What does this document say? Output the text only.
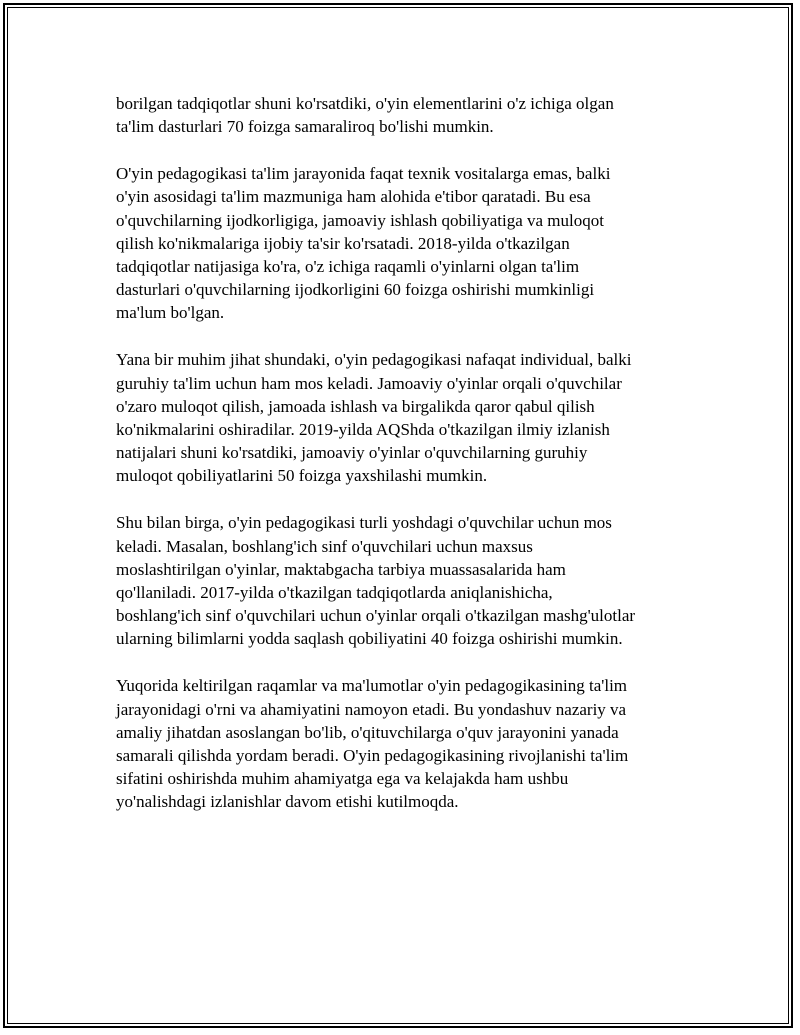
borilgan tadqiqotlar shuni ko'rsatdiki, o'yin elementlarini o'z ichiga olgan
ta'lim dasturlari 70 foizga samaraliroq bo'lishi mumkin.

O'yin pedagogikasi ta'lim jarayonida faqat texnik vositalarga emas, balki
o'yin asosidagi ta'lim mazmuniga ham alohida e'tibor qaratadi. Bu esa
o'quvchilarning ijodkorligiga, jamoaviy ishlash qobiliyatiga va muloqot
qilish ko'nikmalariga ijobiy ta'sir ko'rsatadi. 2018-yilda o'tkazilgan
tadqiqotlar natijasiga ko'ra, o'z ichiga raqamli o'yinlarni olgan ta'lim
dasturlari o'quvchilarning ijodkorligini 60 foizga oshirishi mumkinligi
ma'lum bo'lgan.

Yana bir muhim jihat shundaki, o'yin pedagogikasi nafaqat individual, balki
guruhiy ta'lim uchun ham mos keladi. Jamoaviy o'yinlar orqali o'quvchilar
o'zaro muloqot qilish, jamoada ishlash va birgalikda qaror qabul qilish
ko'nikmalarini oshiradilar. 2019-yilda AQShda o'tkazilgan ilmiy izlanish
natijalari shuni ko'rsatdiki, jamoaviy o'yinlar o'quvchilarning guruhiy
muloqot qobiliyatlarini 50 foizga yaxshilashi mumkin.

Shu bilan birga, o'yin pedagogikasi turli yoshdagi o'quvchilar uchun mos
keladi. Masalan, boshlang'ich sinf o'quvchilari uchun maxsus
moslashtirilgan o'yinlar, maktabgacha tarbiya muassasalarida ham
qo'llaniladi. 2017-yilda o'tkazilgan tadqiqotlarda aniqlanishicha,
boshlang'ich sinf o'quvchilari uchun o'yinlar orqali o'tkazilgan mashg'ulotlar
ularning bilimlarni yodda saqlash qobiliyatini 40 foizga oshirishi mumkin.

Yuqorida keltirilgan raqamlar va ma'lumotlar o'yin pedagogikasining ta'lim
jarayonidagi o'rni va ahamiyatini namoyon etadi. Bu yondashuv nazariy va
amaliy jihatdan asoslangan bo'lib, o'qituvchilarga o'quv jarayonini yanada
samarali qilishda yordam beradi. O'yin pedagogikasining rivojlanishi ta'lim
sifatini oshirishda muhim ahamiyatga ega va kelajakda ham ushbu
yo'nalishdagi izlanishlar davom etishi kutilmoqda.
